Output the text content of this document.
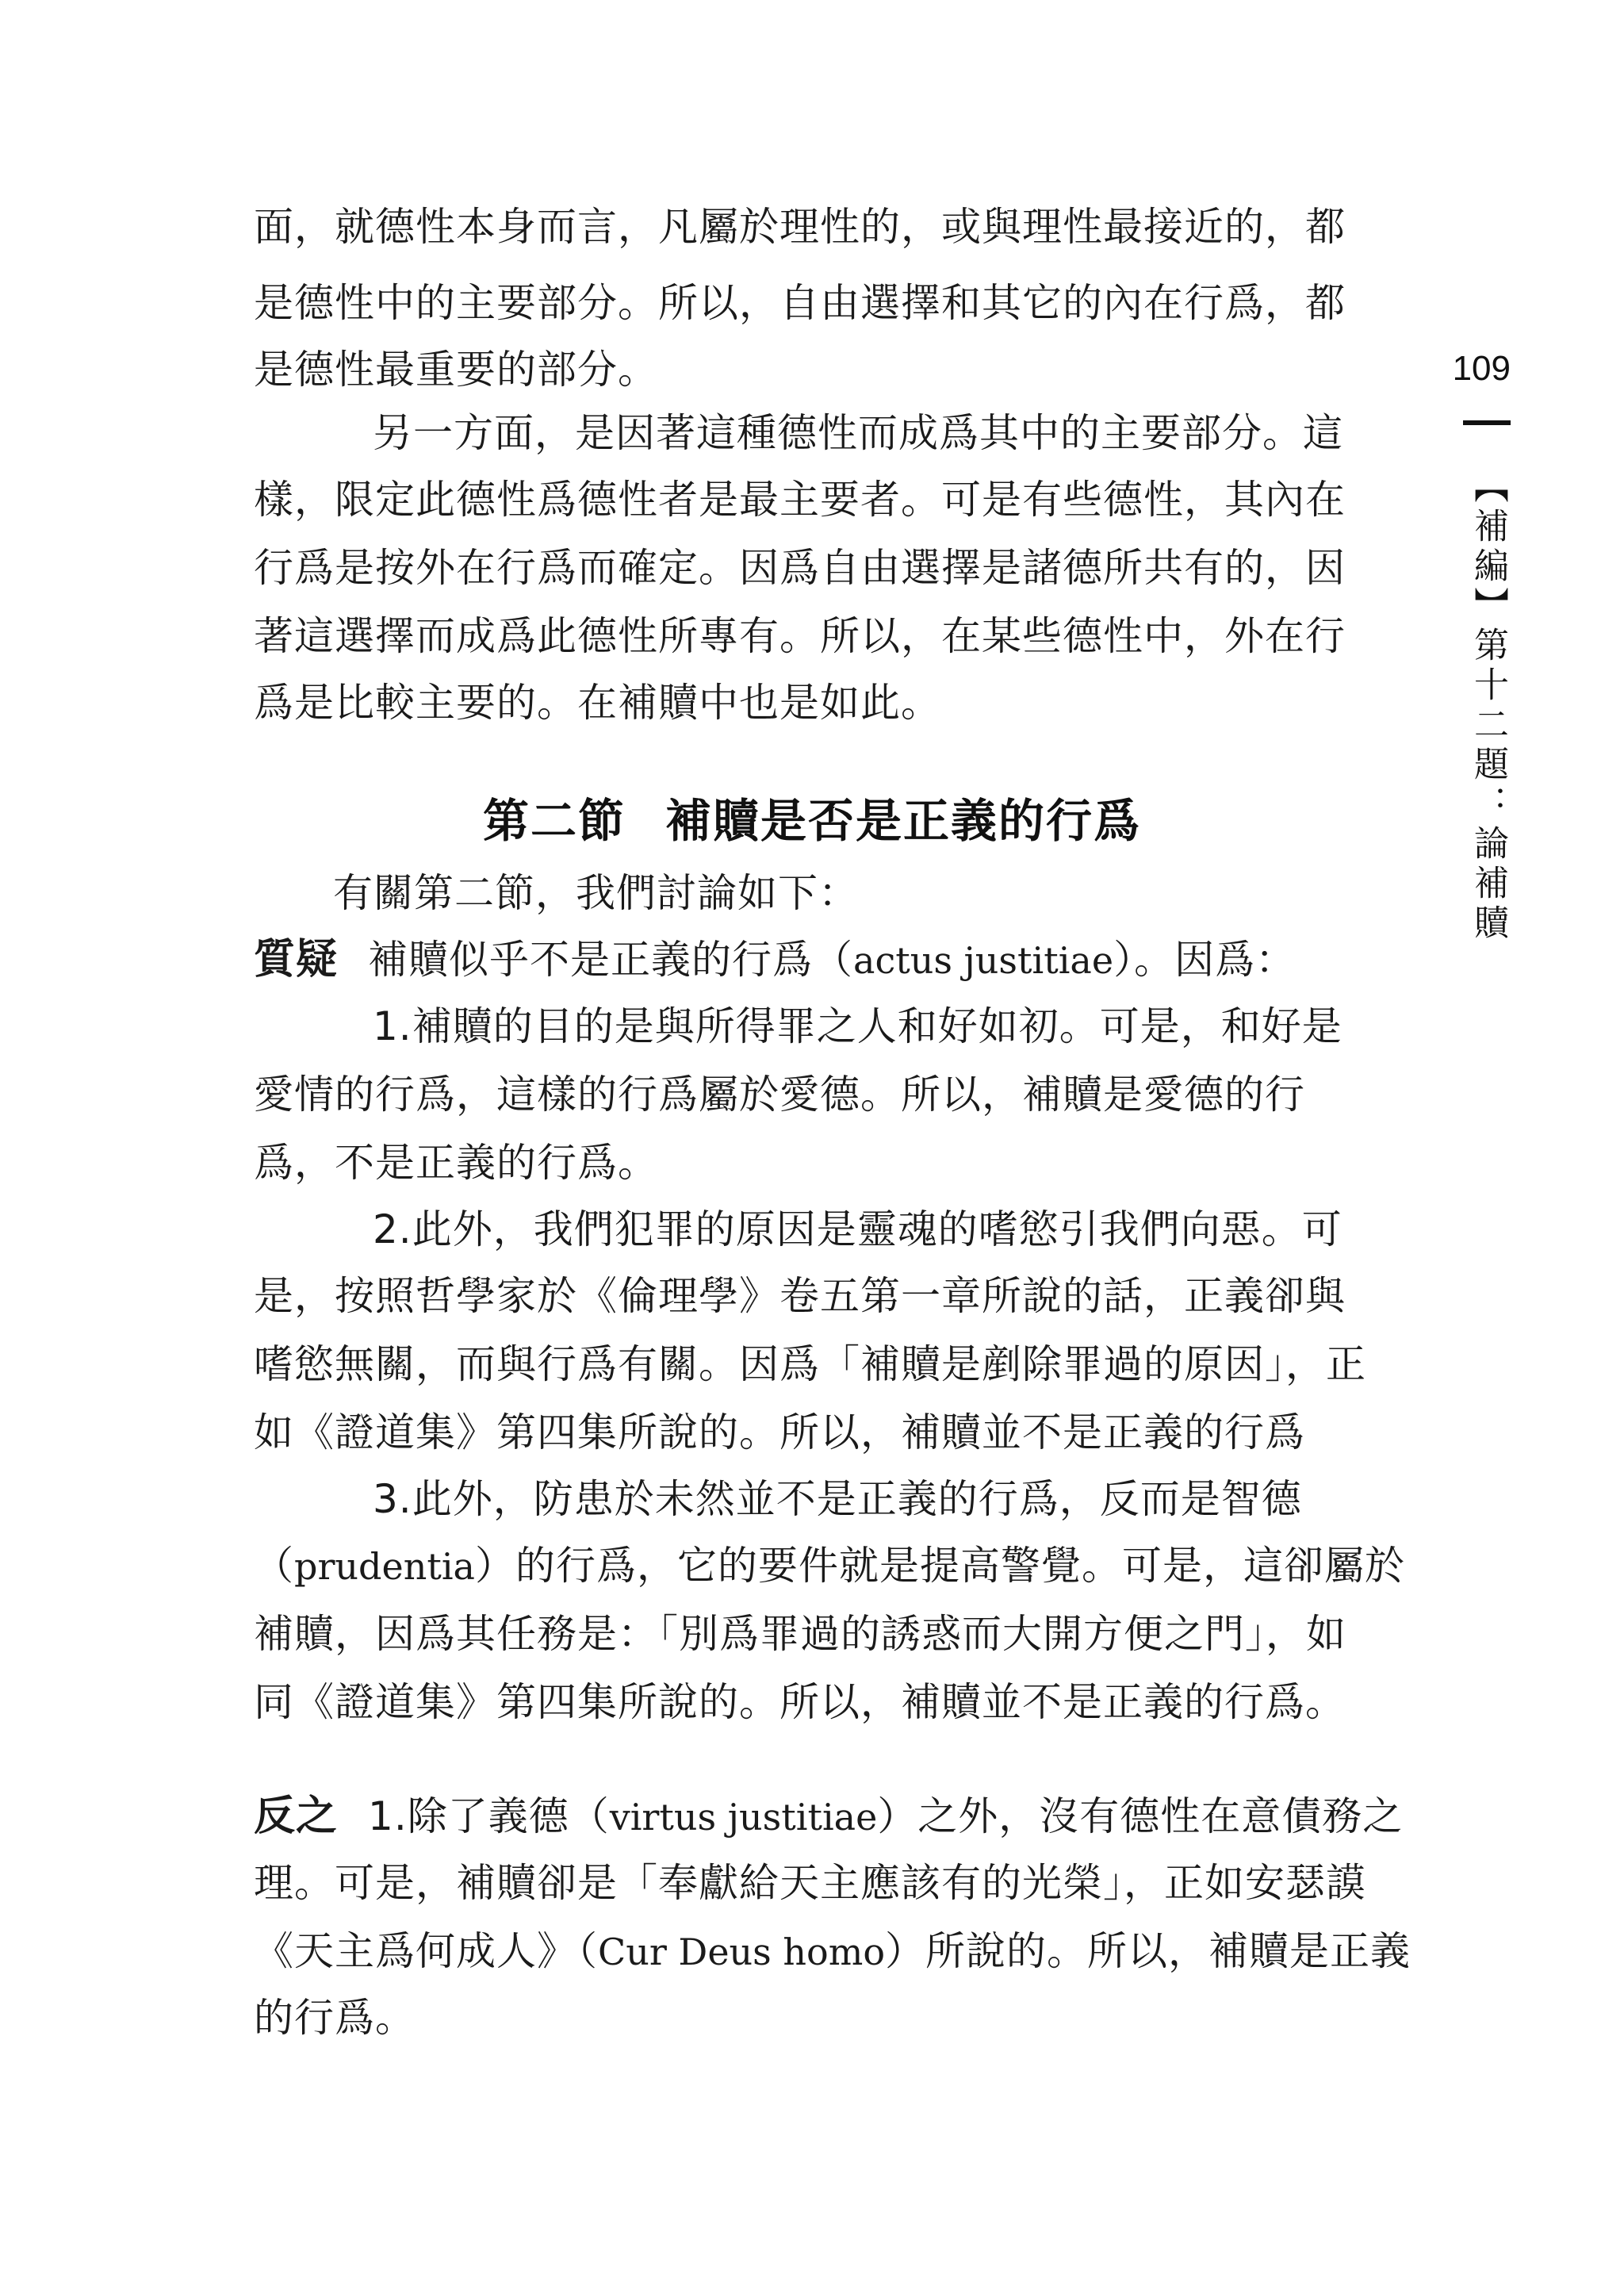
109
【補編】第十二題：論補贖
面，就德性本身而言，凡屬於理性的，或與理性最接近的，都
是德性中的主要部分。所以，自由選擇和其它的內在行爲，都
是德性最重要的部分。
另一方面，是因著這種德性而成爲其中的主要部分。這
樣，限定此德性爲德性者是最主要者。可是有些德性，其內在
行爲是按外在行爲而確定。因爲自由選擇是諸德所共有的，因
著這選擇而成爲此德性所專有。所以，在某些德性中，外在行
爲是比較主要的。在補贖中也是如此。
第二節 補贖是否是正義的行爲
有關第二節，我們討論如下：
質疑 補贖似乎不是正義的行爲（actus justitiae）。因爲：
1.補贖的目的是與所得罪之人和好如初。可是，和好是
愛情的行爲，這樣的行爲屬於愛德。所以，補贖是愛德的行
爲，不是正義的行爲。
2.此外，我們犯罪的原因是靈魂的嗜慾引我們向惡。可
是，按照哲學家於《倫理學》卷五第一章所說的話，正義卻與
嗜慾無關，而與行爲有關。因爲「補贖是剷除罪過的原因」，正
如《證道集》第四集所說的。所以，補贖並不是正義的行爲
3.此外，防患於未然並不是正義的行爲，反而是智德
（prudentia）的行爲，它的要件就是提高警覺。可是，這卻屬於
補贖，因爲其任務是：「別爲罪過的誘惑而大開方便之門」，如
同《證道集》第四集所說的。所以，補贖並不是正義的行爲。
反之 1.除了義德（virtus justitiae）之外，沒有德性在意債務之
理。可是，補贖卻是「奉獻給天主應該有的光榮」，正如安瑟謨
《天主爲何成人》（Cur Deus homo）所說的。所以，補贖是正義
的行爲。
